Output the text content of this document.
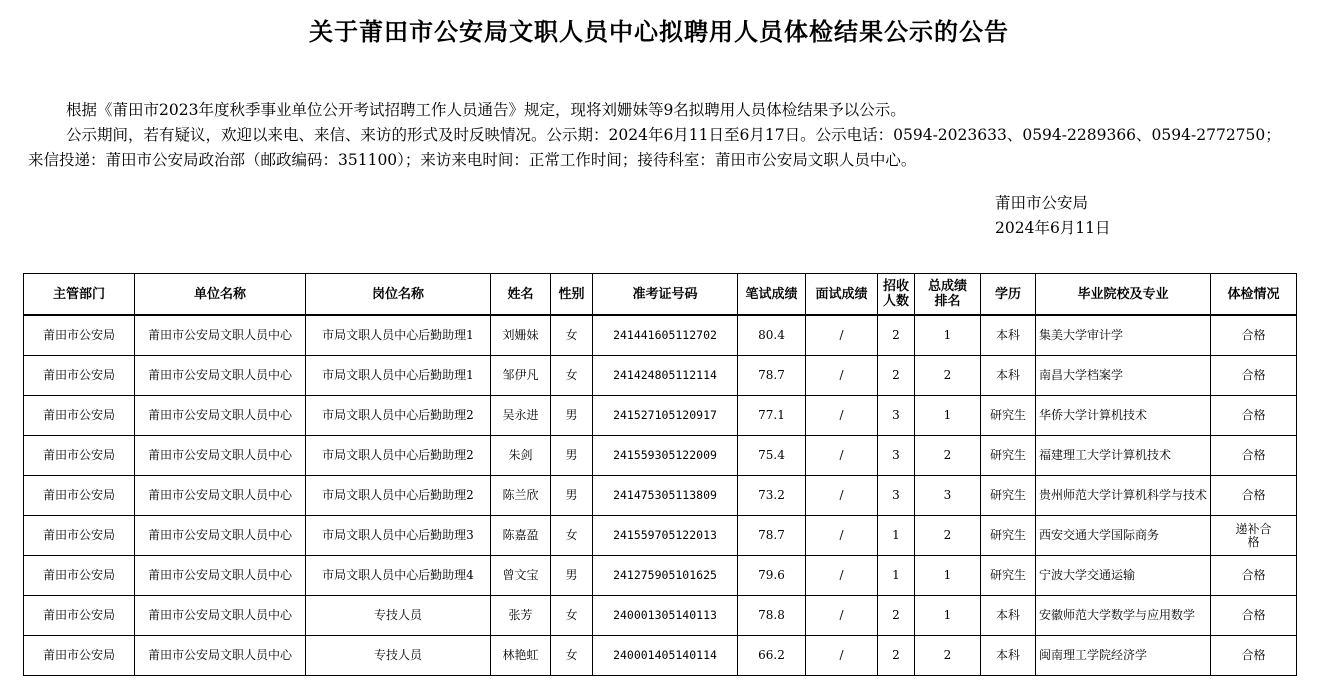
关于莆田市公安局文职人员中心拟聘用人员体检结果公示的公告

根据《莆田市2023年度秋季事业单位公开考试招聘工作人员通告》规定，现将刘姗妹等9名拟聘用人员体检结果予以公示。

公示期间，若有疑议，欢迎以来电、来信、来访的形式及时反映情况。公示期：2024年6月11日至6月17日。公示电话：0594-2023633、0594-2289366、0594-2772750；来信投递：莆田市公安局政治部（邮政编码：351100）；来访来电时间：正常工作时间；接待科室：莆田市公安局文职人员中心。

莆田市公安局
2024年6月11日
主管部门	单位名称	岗位名称	姓名	性别	准考证号码	笔试成绩	面试成绩	招收人数	总成绩排名	学历	毕业院校及专业	体检情况
莆田市公安局	莆田市公安局文职人员中心	市局文职人员中心后勤助理1	刘姗妹	女	241441605112702	80.4	/	2	1	本科	集美大学审计学	合格
莆田市公安局	莆田市公安局文职人员中心	市局文职人员中心后勤助理1	邹伊凡	女	241424805112114	78.7	/	2	2	本科	南昌大学档案学	合格
莆田市公安局	莆田市公安局文职人员中心	市局文职人员中心后勤助理2	吴永进	男	241527105120917	77.1	/	3	1	研究生	华侨大学计算机技术	合格
莆田市公安局	莆田市公安局文职人员中心	市局文职人员中心后勤助理2	朱剑	男	241559305122009	75.4	/	3	2	研究生	福建理工大学计算机技术	合格
莆田市公安局	莆田市公安局文职人员中心	市局文职人员中心后勤助理2	陈兰欣	男	241475305113809	73.2	/	3	3	研究生	贵州师范大学计算机科学与技术	合格
莆田市公安局	莆田市公安局文职人员中心	市局文职人员中心后勤助理3	陈嘉盈	女	241559705122013	78.7	/	1	2	研究生	西安交通大学国际商务	递补合格
莆田市公安局	莆田市公安局文职人员中心	市局文职人员中心后勤助理4	曾文宝	男	241275905101625	79.6	/	1	1	研究生	宁波大学交通运输	合格
莆田市公安局	莆田市公安局文职人员中心	专技人员	张芳	女	240001305140113	78.8	/	2	1	本科	安徽师范大学数学与应用数学	合格
莆田市公安局	莆田市公安局文职人员中心	专技人员	林艳虹	女	240001405140114	66.2	/	2	2	本科	闽南理工学院经济学	合格
